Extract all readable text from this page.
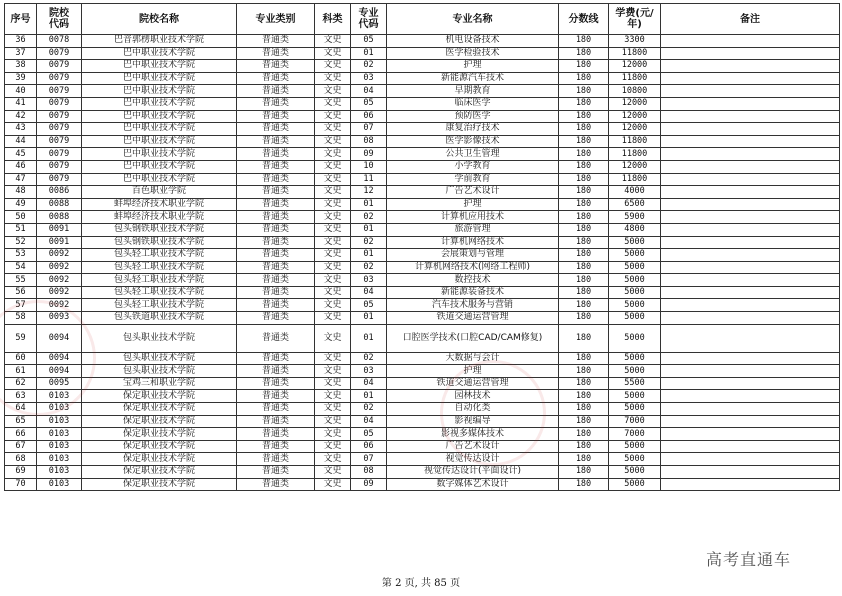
序号	院校代码	院校名称	专业类别	科类	专业代码	专业名称	分数线	学费(元/年)	备注
36	0078	巴音郭楞职业技术学院	普通类	文史	05	机电设备技术	180	3300	
37	0079	巴中职业技术学院	普通类	文史	01	医学检验技术	180	11800	
38	0079	巴中职业技术学院	普通类	文史	02	护理	180	12000	
39	0079	巴中职业技术学院	普通类	文史	03	新能源汽车技术	180	11800	
40	0079	巴中职业技术学院	普通类	文史	04	早期教育	180	10800	
41	0079	巴中职业技术学院	普通类	文史	05	临床医学	180	12000	
42	0079	巴中职业技术学院	普通类	文史	06	预防医学	180	12000	
43	0079	巴中职业技术学院	普通类	文史	07	康复治疗技术	180	12000	
44	0079	巴中职业技术学院	普通类	文史	08	医学影像技术	180	11800	
45	0079	巴中职业技术学院	普通类	文史	09	公共卫生管理	180	11800	
46	0079	巴中职业技术学院	普通类	文史	10	小学教育	180	12000	
47	0079	巴中职业技术学院	普通类	文史	11	学前教育	180	11800	
48	0086	百色职业学院	普通类	文史	12	广告艺术设计	180	4000	
49	0088	蚌埠经济技术职业学院	普通类	文史	01	护理	180	6500	
50	0088	蚌埠经济技术职业学院	普通类	文史	02	计算机应用技术	180	5900	
51	0091	包头钢铁职业技术学院	普通类	文史	01	旅游管理	180	4800	
52	0091	包头钢铁职业技术学院	普通类	文史	02	计算机网络技术	180	5000	
53	0092	包头轻工职业技术学院	普通类	文史	01	会展策划与管理	180	5000	
54	0092	包头轻工职业技术学院	普通类	文史	02	计算机网络技术(网络工程师)	180	5000	
55	0092	包头轻工职业技术学院	普通类	文史	03	数控技术	180	5000	
56	0092	包头轻工职业技术学院	普通类	文史	04	新能源装备技术	180	5000	
57	0092	包头轻工职业技术学院	普通类	文史	05	汽车技术服务与营销	180	5000	
58	0093	包头铁道职业技术学院	普通类	文史	01	铁道交通运营管理	180	5000	
59	0094	包头职业技术学院	普通类	文史	01	口腔医学技术(口腔CAD/CAM修复)	180	5000	
60	0094	包头职业技术学院	普通类	文史	02	大数据与会计	180	5000	
61	0094	包头职业技术学院	普通类	文史	03	护理	180	5000	
62	0095	宝鸡三和职业学院	普通类	文史	04	铁道交通运营管理	180	5500	
63	0103	保定职业技术学院	普通类	文史	01	园林技术	180	5000	
64	0103	保定职业技术学院	普通类	文史	02	自动化类	180	5000	
65	0103	保定职业技术学院	普通类	文史	04	影视编导	180	7000	
66	0103	保定职业技术学院	普通类	文史	05	影视多媒体技术	180	7000	
67	0103	保定职业技术学院	普通类	文史	06	广告艺术设计	180	5000	
68	0103	保定职业技术学院	普通类	文史	07	视觉传达设计	180	5000	
69	0103	保定职业技术学院	普通类	文史	08	视觉传达设计(平面设计)	180	5000	
70	0103	保定职业技术学院	普通类	文史	09	数字媒体艺术设计	180	5000	
高考直通车
第 2 页, 共 85 页
